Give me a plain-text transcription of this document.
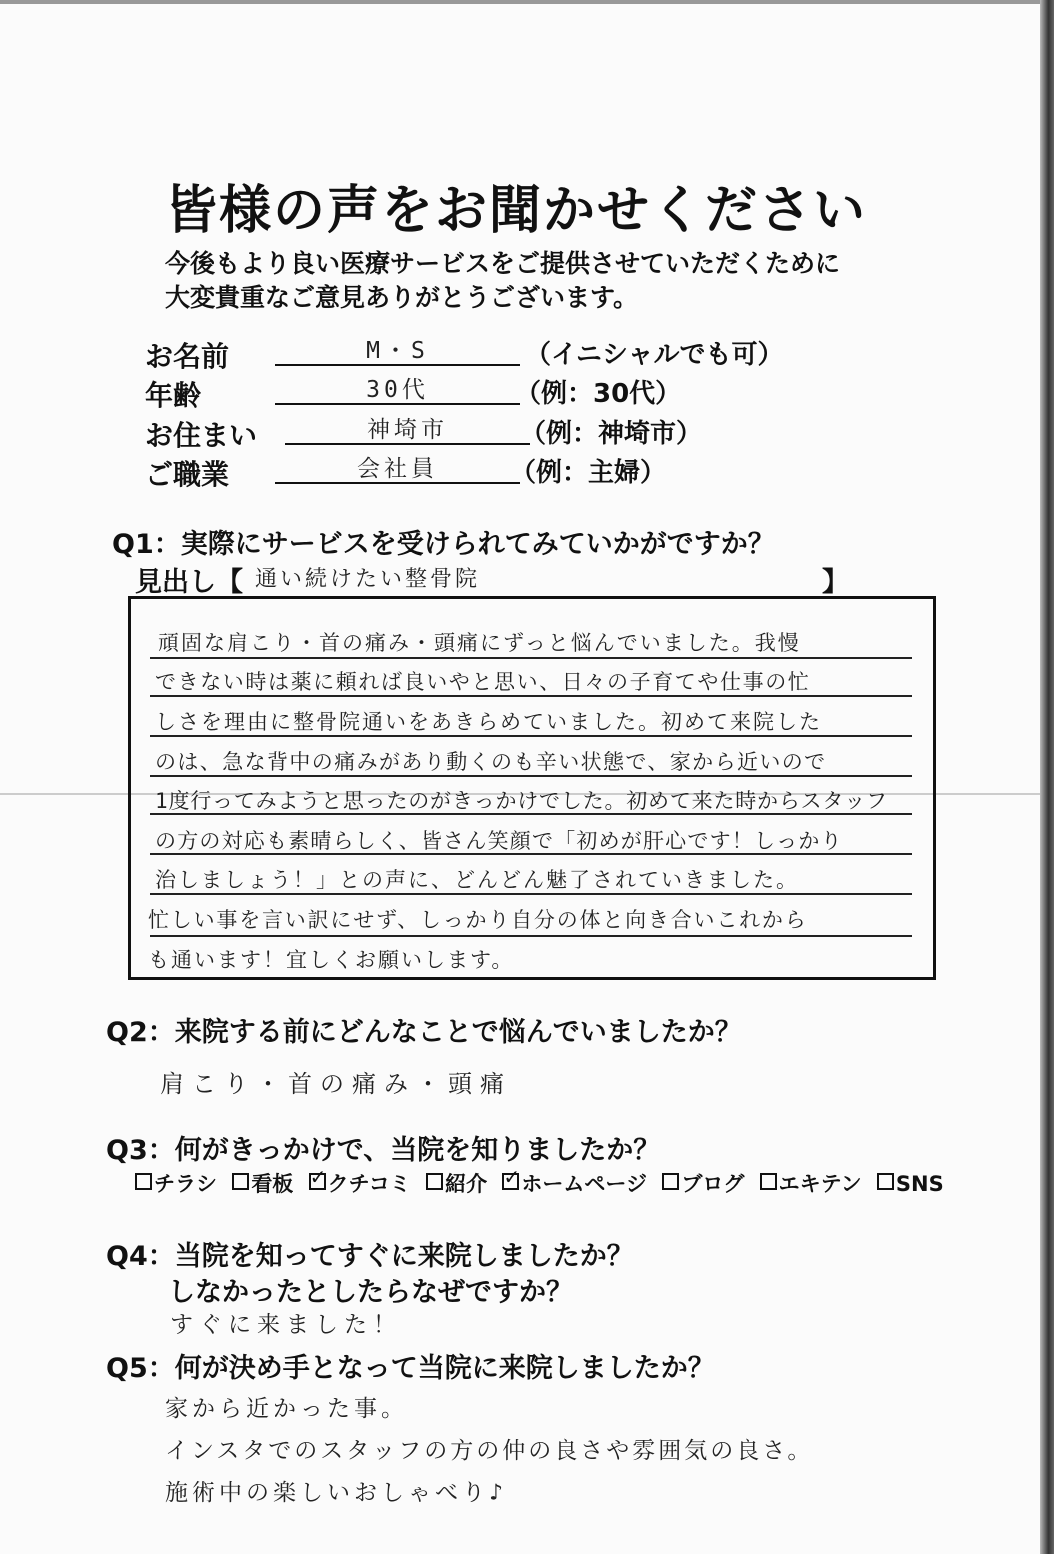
皆様の声をお聞かせください
今後もより良い医療サービスをご提供させていただくために
大変貴重なご意見ありがとうございます。
お名前	M・S	（イニシャルでも可）
年齢	30代	（例：30代）
お住まい	神埼市	（例：神埼市）
ご職業	会社員	（例：主婦）
Q1：実際にサービスを受けられてみていかがですか？
見出し【 通い続けたい整骨院	】
頑固な肩こり・首の痛み・頭痛にずっと悩んでいました。我慢
できない時は薬に頼れば良いやと思い、日々の子育てや仕事の忙
しさを理由に整骨院通いをあきらめていました。初めて来院した
のは、急な背中の痛みがあり動くのも辛い状態で、家から近いので
1度行ってみようと思ったのがきっかけでした。初めて来た時からスタッフ
の方の対応も素晴らしく、皆さん笑顔で「初めが肝心です！しっかり
治しましょう！」との声に、どんどん魅了されていきました。
忙しい事を言い訳にせず、しっかり自分の体と向き合いこれから
も通います！宜しくお願いします。
Q2：来院する前にどんなことで悩んでいましたか？
肩こり・首の痛み・頭痛
Q3：何がきっかけで、当院を知りましたか？
チラシ 看板 ✓ クチコミ 紹介 ✓ ホームページ ブログ エキテン SNS
Q4：当院を知ってすぐに来院しましたか？
しなかったとしたらなぜですか？
すぐに来ました！
Q5：何が決め手となって当院に来院しましたか？
家から近かった事。
インスタでのスタッフの方の仲の良さや雰囲気の良さ。
施術中の楽しいおしゃべり♪
